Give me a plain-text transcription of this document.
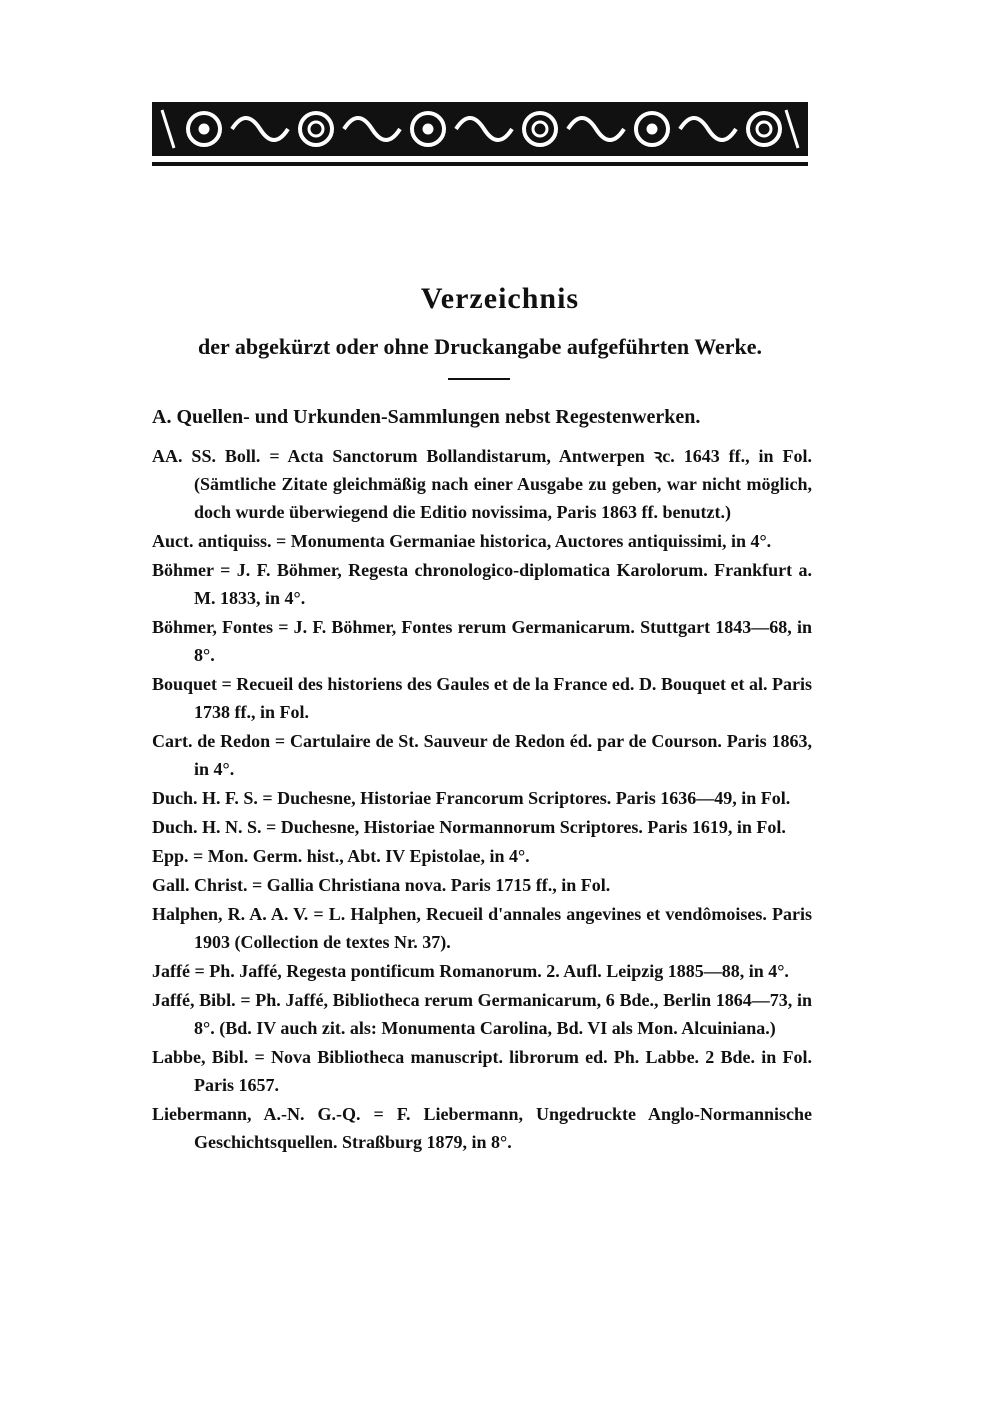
Verzeichnis
der abgekürzt oder ohne Druckangabe aufgeführten Werke.
A. Quellen- und Urkunden-Sammlungen nebst Regestenwerken.
AA. SS. Boll. = Acta Sanctorum Bollandistarum, Antwerpen ꝛc. 1643 ff., in Fol. (Sämtliche Zitate gleichmäßig nach einer Ausgabe zu geben, war nicht möglich, doch wurde überwiegend die Editio novissima, Paris 1863 ff. benutzt.)
Auct. antiquiss. = Monumenta Germaniae historica, Auctores antiquissimi, in 4°.
Böhmer = J. F. Böhmer, Regesta chronologico-diplomatica Karolorum. Frankfurt a. M. 1833, in 4°.
Böhmer, Fontes = J. F. Böhmer, Fontes rerum Germanicarum. Stuttgart 1843—68, in 8°.
Bouquet = Recueil des historiens des Gaules et de la France ed. D. Bouquet et al. Paris 1738 ff., in Fol.
Cart. de Redon = Cartulaire de St. Sauveur de Redon éd. par de Courson. Paris 1863, in 4°.
Duch. H. F. S. = Duchesne, Historiae Francorum Scriptores. Paris 1636—49, in Fol.
Duch. H. N. S. = Duchesne, Historiae Normannorum Scriptores. Paris 1619, in Fol.
Epp. = Mon. Germ. hist., Abt. IV Epistolae, in 4°.
Gall. Christ. = Gallia Christiana nova. Paris 1715 ff., in Fol.
Halphen, R. A. A. V. = L. Halphen, Recueil d'annales angevines et vendômoises. Paris 1903 (Collection de textes Nr. 37).
Jaffé = Ph. Jaffé, Regesta pontificum Romanorum. 2. Aufl. Leipzig 1885—88, in 4°.
Jaffé, Bibl. = Ph. Jaffé, Bibliotheca rerum Germanicarum, 6 Bde., Berlin 1864—73, in 8°. (Bd. IV auch zit. als: Monumenta Carolina, Bd. VI als Mon. Alcuiniana.)
Labbe, Bibl. = Nova Bibliotheca manuscript. librorum ed. Ph. Labbe. 2 Bde. in Fol. Paris 1657.
Liebermann, A.-N. G.-Q. = F. Liebermann, Ungedruckte Anglo-Normannische Geschichtsquellen. Straßburg 1879, in 8°.
